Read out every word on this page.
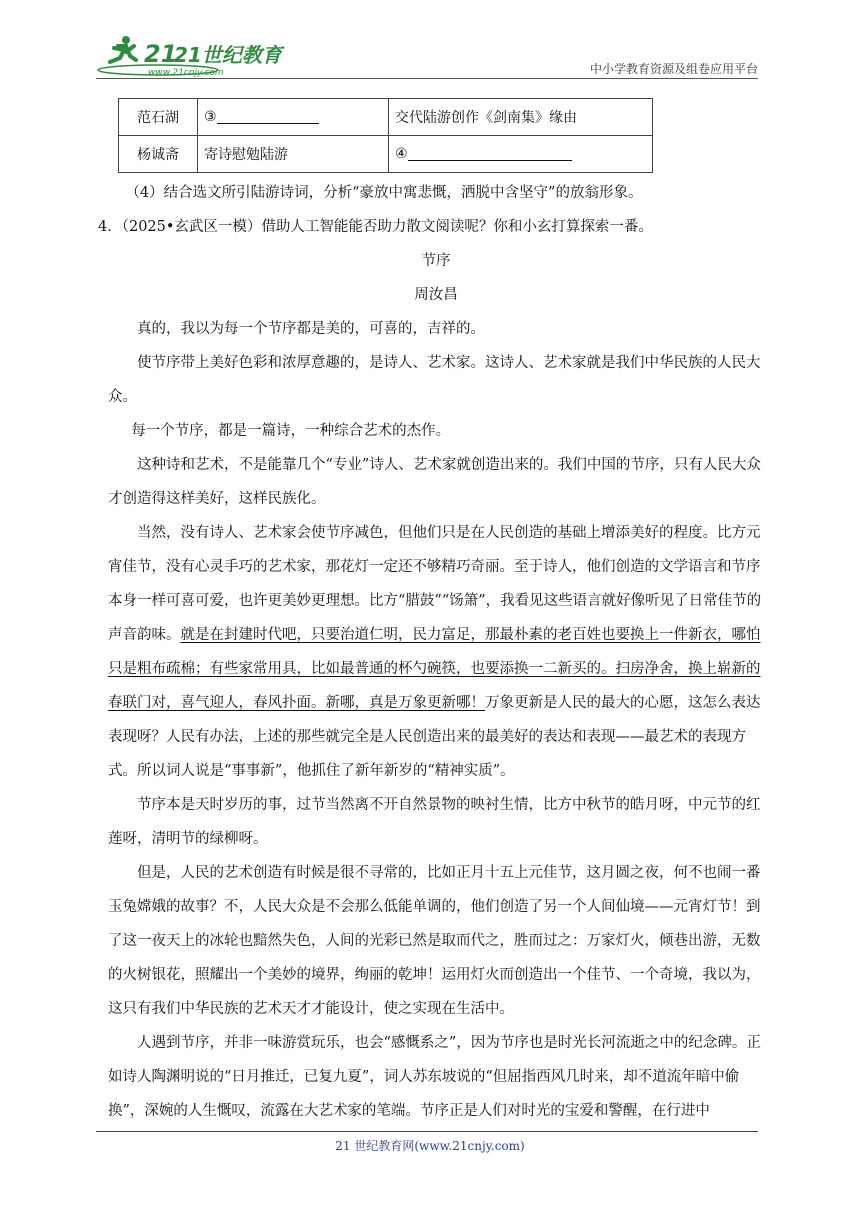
21
21世纪教育
www.21cnjy.com	中小学教育资源及组卷应用平台
范石湖	③	交代陆游创作《剑南集》缘由
杨诚斋	寄诗慰勉陆游	④

（4）结合选文所引陆游诗词，分析“豪放中寓悲慨，洒脱中含坚守”的放翁形象。

4．（2025•玄武区一模）借助人工智能能否助力散文阅读呢？你和小玄打算探索一番。

节序

周汝昌

真的，我以为每一个节序都是美的，可喜的，吉祥的。

使节序带上美好色彩和浓厚意趣的，是诗人、艺术家。这诗人、艺术家就是我们中华民族的人民大众。

每一个节序，都是一篇诗，一种综合艺术的杰作。

这种诗和艺术，不是能靠几个“专业”诗人、艺术家就创造出来的。我们中国的节序，只有人民大众才创造得这样美好，这样民族化。

当然，没有诗人、艺术家会使节序减色，但他们只是在人民创造的基础上增添美好的程度。比方元宵佳节，没有心灵手巧的艺术家，那花灯一定还不够精巧奇丽。至于诗人，他们创造的文学语言和节序本身一样可喜可爱，也许更美妙更理想。比方“腊鼓”“饧箫”，我看见这些语言就好像听见了日常佳节的声音韵味。就是在封建时代吧，只要治道仁明，民力富足，那最朴素的老百姓也要换上一件新衣，哪怕只是粗布疏棉；有些家常用具，比如最普通的杯勺碗筷，也要添换一二新买的。扫房净舍，换上崭新的春联门对，喜气迎人，春风扑面。新哪，真是万象更新哪！万象更新是人民的最大的心愿，这怎么表达表现呀？人民有办法，上述的那些就完全是人民创造出来的最美好的表达和表现——最艺术的表现方式。所以词人说是“事事新”，他抓住了新年新岁的“精神实质”。

节序本是天时岁历的事，过节当然离不开自然景物的映衬生情，比方中秋节的皓月呀，中元节的红莲呀，清明节的绿柳呀。

但是，人民的艺术创造有时候是很不寻常的，比如正月十五上元佳节，这月圆之夜，何不也闹一番玉兔嫦娥的故事？不，人民大众是不会那么低能单调的，他们创造了另一个人间仙境——元宵灯节！到了这一夜天上的冰轮也黯然失色，人间的光彩已然是取而代之，胜而过之：万家灯火，倾巷出游，无数的火树银花，照耀出一个美妙的境界，绚丽的乾坤！运用灯火而创造出一个佳节、一个奇境，我以为，这只有我们中华民族的艺术天才才能设计，使之实现在生活中。

人遇到节序，并非一味游赏玩乐，也会“感慨系之”，因为节序也是时光长河流逝之中的纪念碑。正如诗人陶渊明说的“日月推迁，已复九夏”，词人苏东坡说的“但屈指西风几时来，却不道流年暗中偷换”，深婉的人生慨叹，流露在大艺术家的笔端。节序正是人们对时光的宝爱和警醒，在行进中

21 世纪教育网(www.21cnjy.com)
